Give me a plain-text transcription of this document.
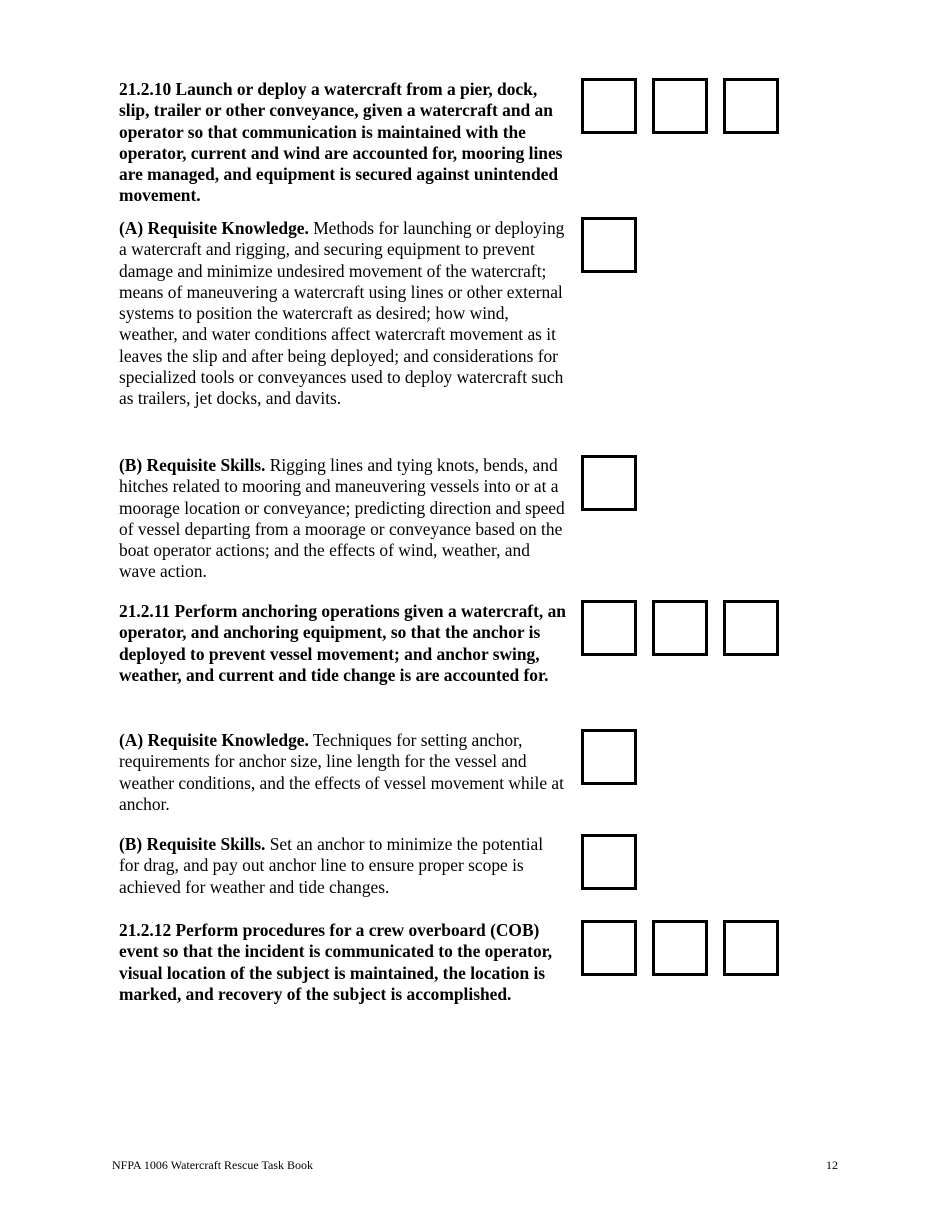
21.2.10 Launch or deploy a watercraft from a pier, dock, slip, trailer or other conveyance, given a watercraft and an operator so that communication is maintained with the operator, current and wind are accounted for, mooring lines are managed, and equipment is secured against unintended movement.

(A) Requisite Knowledge. Methods for launching or deploying a watercraft and rigging, and securing equipment to prevent damage and minimize undesired movement of the watercraft; means of maneuvering a watercraft using lines or other external systems to position the watercraft as desired; how wind, weather, and water conditions affect watercraft movement as it leaves the slip and after being deployed; and considerations for specialized tools or conveyances used to deploy watercraft such as trailers, jet docks, and davits.

(B) Requisite Skills. Rigging lines and tying knots, bends, and hitches related to mooring and maneuvering vessels into or at a moorage location or conveyance; predicting direction and speed of vessel departing from a moorage or conveyance based on the boat operator actions; and the effects of wind, weather, and wave action.

21.2.11 Perform anchoring operations given a watercraft, an operator, and anchoring equipment, so that the anchor is deployed to prevent vessel movement; and anchor swing, weather, and current and tide change is are accounted for.

(A) Requisite Knowledge. Techniques for setting anchor, requirements for anchor size, line length for the vessel and weather conditions, and the effects of vessel movement while at anchor.

(B) Requisite Skills. Set an anchor to minimize the potential for drag, and pay out anchor line to ensure proper scope is achieved for weather and tide changes.

21.2.12 Perform procedures for a crew overboard (COB) event so that the incident is communicated to the operator, visual location of the subject is maintained, the location is marked, and recovery of the subject is accomplished.

NFPA 1006 Watercraft Rescue Task Book	12
